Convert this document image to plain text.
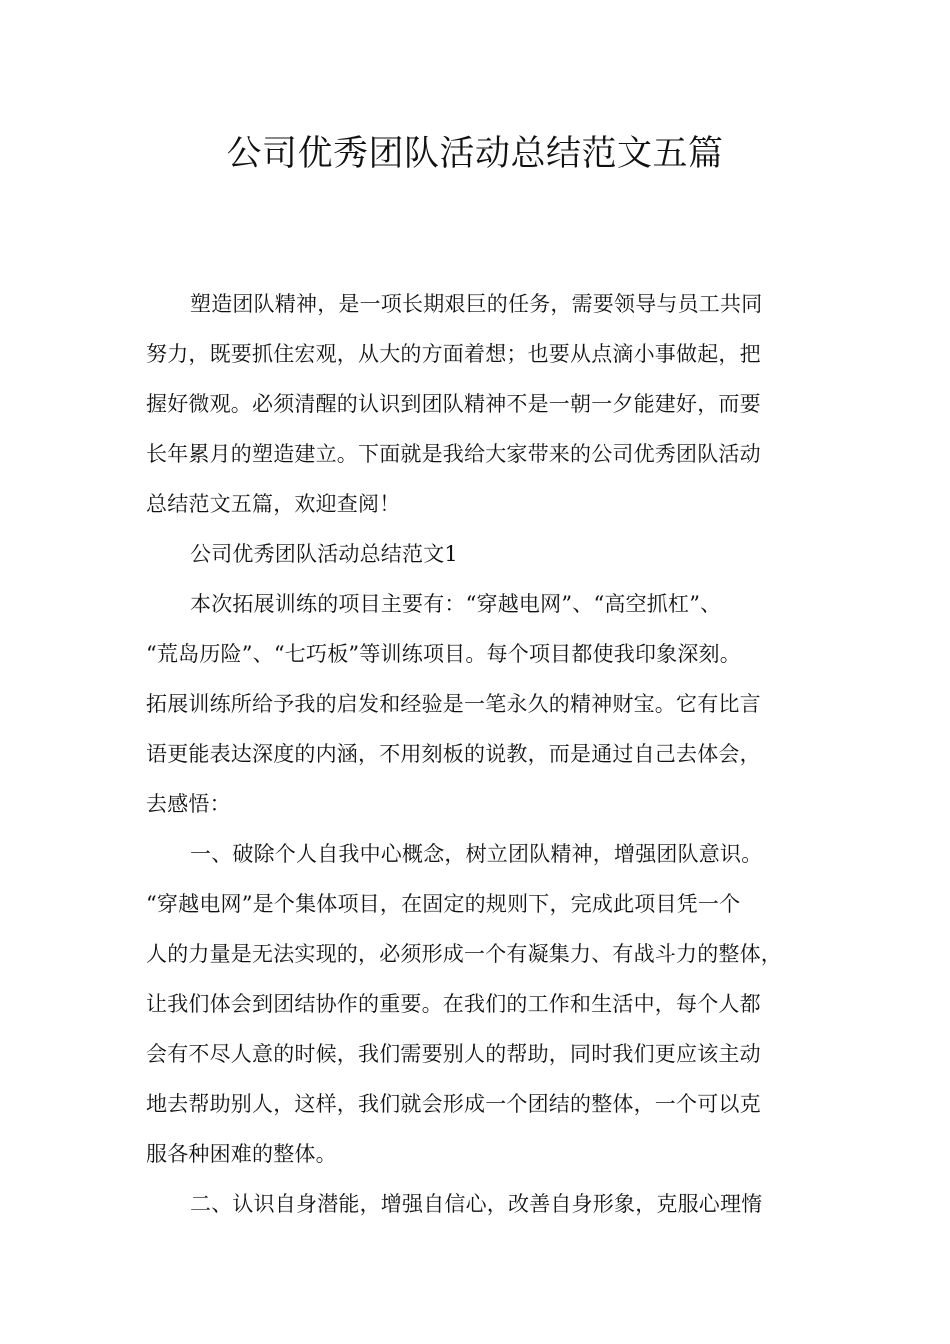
公司优秀团队活动总结范文五篇
塑造团队精神，是一项长期艰巨的任务，需要领导与员工共同
努力，既要抓住宏观，从大的方面着想；也要从点滴小事做起，把
握好微观。必须清醒的认识到团队精神不是一朝一夕能建好，而要
长年累月的塑造建立。下面就是我给大家带来的公司优秀团队活动
总结范文五篇，欢迎查阅！
公司优秀团队活动总结范文1
本次拓展训练的项目主要有：“穿越电网”、“高空抓杠”、
“荒岛历险”、“七巧板”等训练项目。每个项目都使我印象深刻。
拓展训练所给予我的启发和经验是一笔永久的精神财宝。它有比言
语更能表达深度的内涵，不用刻板的说教，而是通过自己去体会，
去感悟：
一、破除个人自我中心概念，树立团队精神，增强团队意识。
“穿越电网”是个集体项目，在固定的规则下，完成此项目凭一个
人的力量是无法实现的，必须形成一个有凝集力、有战斗力的整体，
让我们体会到团结协作的重要。在我们的工作和生活中，每个人都
会有不尽人意的时候，我们需要别人的帮助，同时我们更应该主动
地去帮助别人，这样，我们就会形成一个团结的整体，一个可以克
服各种困难的整体。
二、认识自身潜能，增强自信心，改善自身形象，克服心理惰
